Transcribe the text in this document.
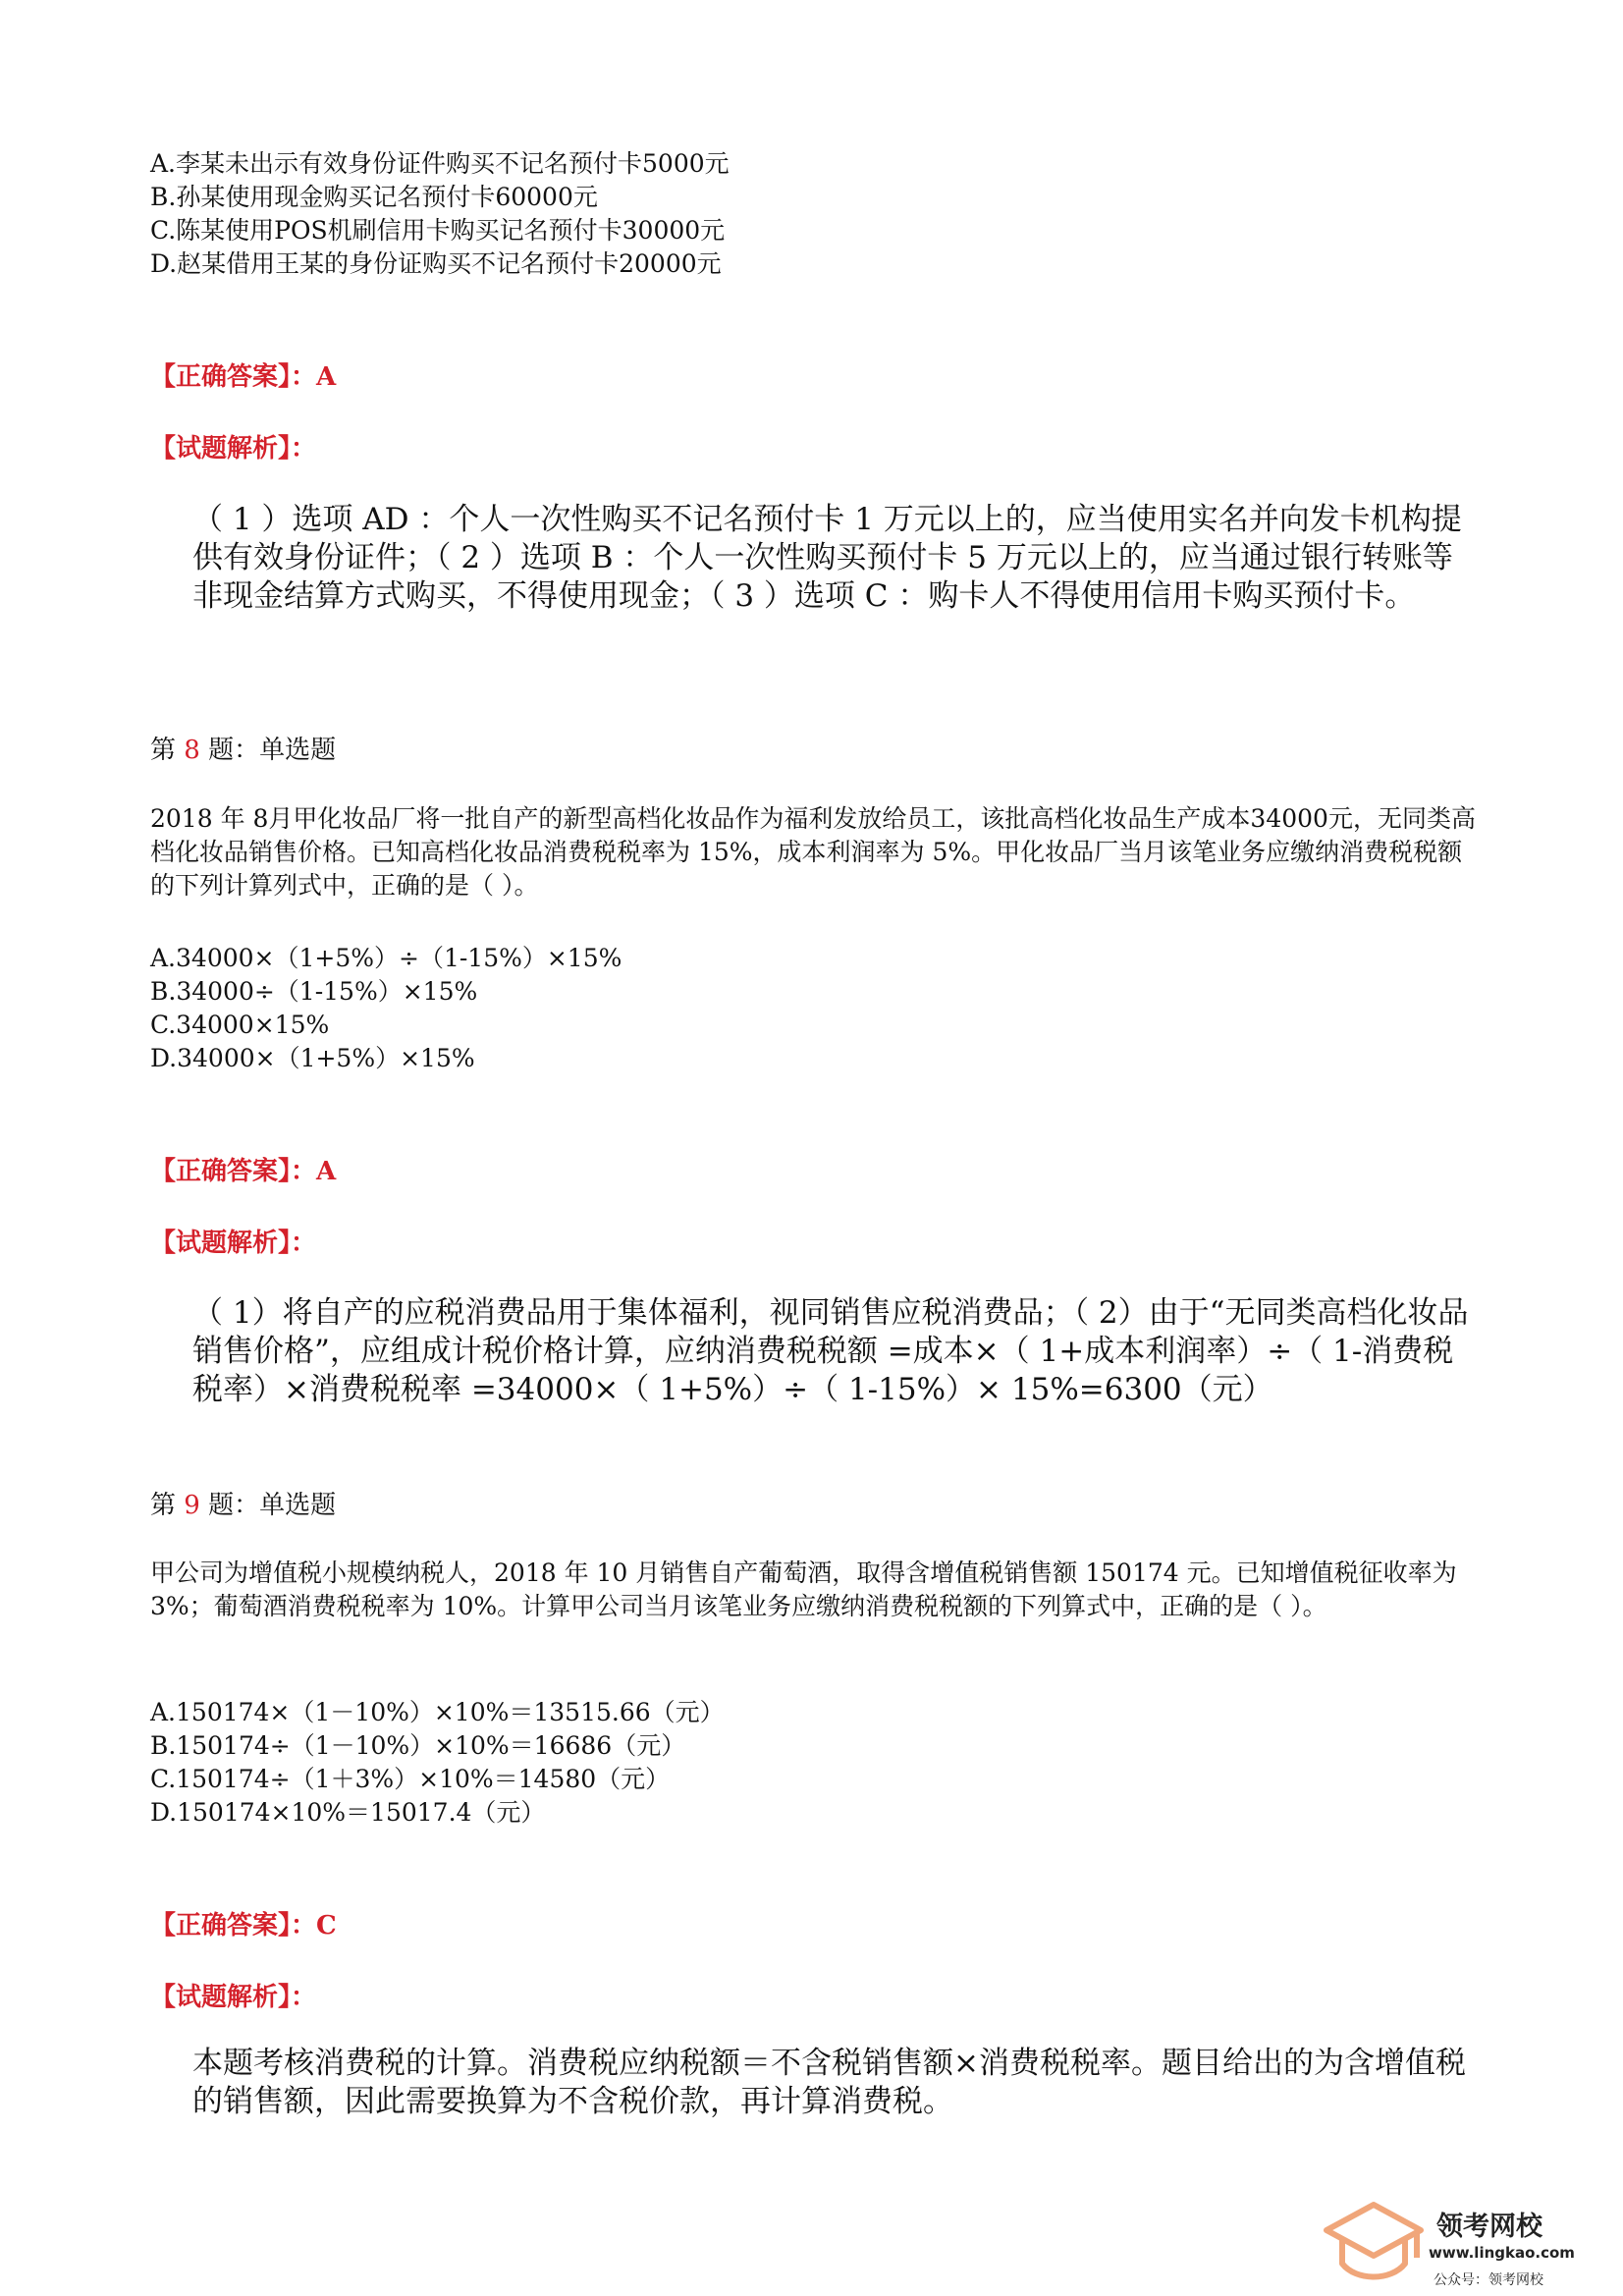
A.李某未出示有效身份证件购买不记名预付卡5000元
B.孙某使用现金购买记名预付卡60000元
C.陈某使用POS机刷信用卡购买记名预付卡30000元
D.赵某借用王某的身份证购买不记名预付卡20000元
【正确答案】：A
【试题解析】：
（ 1 ）选项 AD ：个人一次性购买不记名预付卡 1 万元以上的，应当使用实名并向发卡机构提供有效身份证件；（ 2 ）选项 B ：个人一次性购买预付卡 5 万元以上的，应当通过银行转账等非现金结算方式购买，不得使用现金；（ 3 ）选项 C ：购卡人不得使用信用卡购买预付卡。
第 8 题：单选题
2018 年 8月甲化妆品厂将一批自产的新型高档化妆品作为福利发放给员工，该批高档化妆品生产成本34000元，无同类高档化妆品销售价格。已知高档化妆品消费税税率为 15%，成本利润率为 5%。甲化妆品厂当月该笔业务应缴纳消费税税额的下列计算列式中，正确的是（ ）。
A.34000×（1+5%）÷（1-15%）×15%
B.34000÷（1-15%）×15%
C.34000×15%
D.34000×（1+5%）×15%
【正确答案】：A
【试题解析】：
（ 1）将自产的应税消费品用于集体福利，视同销售应税消费品；（ 2）由于“无同类高档化妆品销售价格”，应组成计税价格计算，应纳消费税税额 =成本×（ 1+成本利润率）÷（ 1-消费税税率）×消费税税率 =34000×（ 1+5%）÷（ 1-15%）× 15%=6300（元）
第 9 题：单选题
甲公司为增值税小规模纳税人，2018 年 10 月销售自产葡萄酒，取得含增值税销售额 150174 元。已知增值税征收率为 3%；葡萄酒消费税税率为 10%。计算甲公司当月该笔业务应缴纳消费税税额的下列算式中，正确的是（ ）。
A.150174×（1－10%）×10%＝13515.66（元）
B.150174÷（1－10%）×10%＝16686（元）
C.150174÷（1＋3%）×10%＝14580（元）
D.150174×10%＝15017.4（元）
【正确答案】：C
【试题解析】：
本题考核消费税的计算。消费税应纳税额＝不含税销售额×消费税税率。题目给出的为含增值税的销售额，因此需要换算为不含税价款，再计算消费税。
领考网校
www.lingkao.com
公众号：领考网校
